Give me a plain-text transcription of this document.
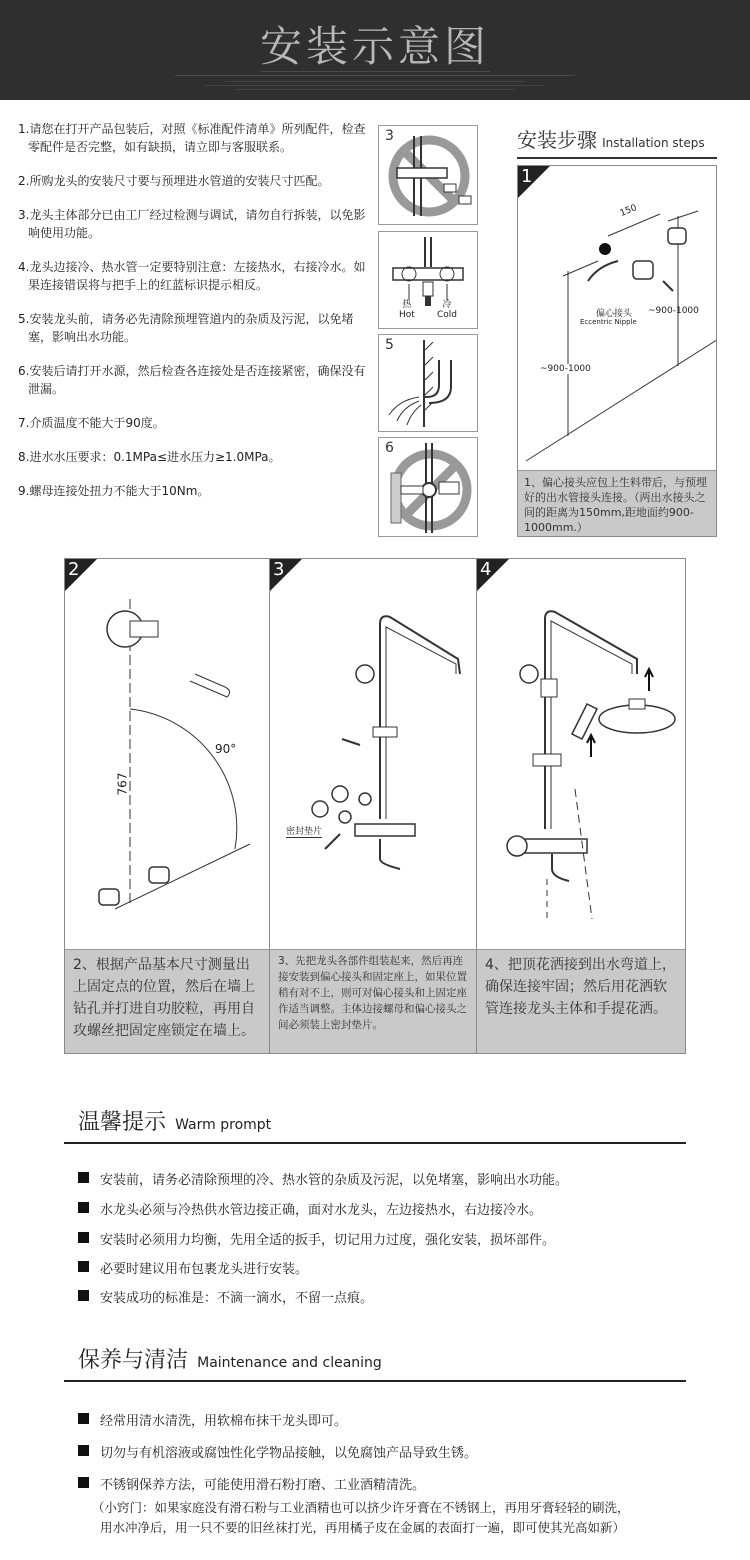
安装示意图
1.请您在打开产品包装后，对照《标准配件清单》所列配件，检查零配件是否完整，如有缺损，请立即与客服联系。
2.所购龙头的安装尺寸要与预埋进水管道的安装尺寸匹配。
3.龙头主体部分已由工厂经过检测与调试，请勿自行拆装，以免影响使用功能。
4.龙头边接冷、热水管一定要特别注意：左接热水，右接冷水。如果连接错误将与把手上的红蓝标识提示相反。
5.安装龙头前，请务必先清除预埋管道内的杂质及污泥，以免堵塞，影响出水功能。
6.安装后请打开水源，然后检查各连接处是否连接紧密，确保没有泄漏。
7.介质温度不能大于90度。
8.进水水压要求：0.1MPa≤进水压力≥1.0MPa。
9.螺母连接处扭力不能大于10Nm。
3
热
Hot
冷
Cold
5
6
安装步骤 Installation steps
1
150
~900-1000
~900-1000
偏心接头
Eccentric Nipple
1、偏心接头应包上生料带后，与预埋好的出水管接头连接。（两出水接头之间的距离为150mm,距地面约900-1000mm.）
2
90°
767
2、根据产品基本尺寸测量出上固定点的位置，然后在墙上钻孔并打进自功胶粒，再用自攻螺丝把固定座锁定在墙上。
3
密封垫片
3、先把龙头各部件组装起来，然后再连接安装到偏心接头和固定座上，如果位置稍有对不上，则可对偏心接头和上固定座作适当调整。主体边接螺母和偏心接头之间必须装上密封垫片。
4
4、把顶花洒接到出水弯道上，确保连接牢固；然后用花洒软管连接龙头主体和手提花洒。
温馨提示 Warm prompt
安装前，请务必清除预埋的冷、热水管的杂质及污泥，以免堵塞，影响出水功能。
水龙头必须与冷热供水管边接正确，面对水龙头，左边接热水，右边接冷水。
安装时必须用力均衡，先用全适的扳手，切记用力过度，强化安装，损坏部件。
必要时建议用布包裹龙头进行安装。
安装成功的标准是：不滴一滴水，不留一点痕。
保养与清洁 Maintenance and cleaning
经常用清水清洗，用软棉布抹干龙头即可。
切勿与有机溶液或腐蚀性化学物品接触，以免腐蚀产品导致生锈。
不锈钢保养方法，可能使用滑石粉打磨、工业酒精清洗。
（小窍门：如果家庭没有滑石粉与工业酒精也可以挤少许牙膏在不锈钢上，再用牙膏轻轻的刷洗，
用水冲净后，用一只不要的旧丝袜打光，再用橘子皮在金属的表面打一遍，即可使其光高如新）
